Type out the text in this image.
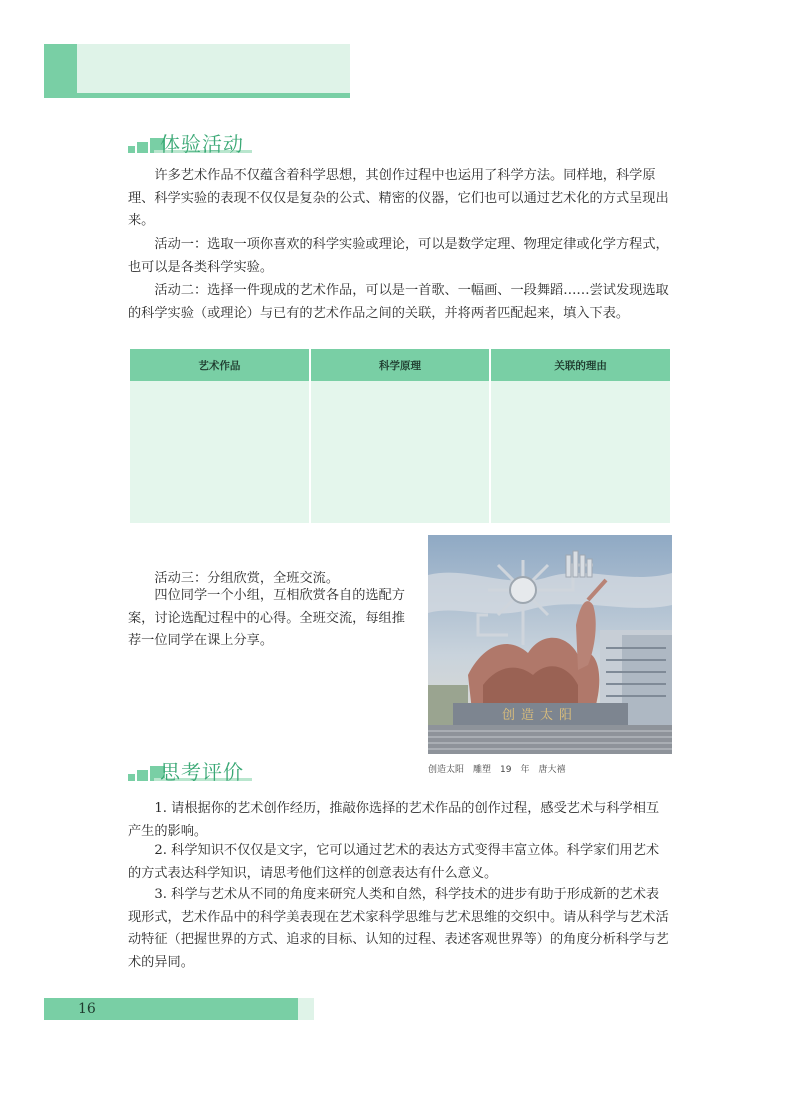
体验活动

许多艺术作品不仅蕴含着科学思想，其创作过程中也运用了科学方法。同样地，科学原理、科学实验的表现不仅仅是复杂的公式、精密的仪器，它们也可以通过艺术化的方式呈现出来。

活动一：选取一项你喜欢的科学实验或理论，可以是数学定理、物理定律或化学方程式，也可以是各类科学实验。

活动二：选择一件现成的艺术作品，可以是一首歌、一幅画、一段舞蹈……尝试发现选取的科学实验（或理论）与已有的艺术作品之间的关联，并将两者匹配起来，填入下表。

艺术作品	科学原理	关联的理由

活动三：分组欣赏，全班交流。

四位同学一个小组，互相欣赏各自的选配方案，讨论选配过程中的心得。全班交流，每组推荐一位同学在课上分享。

创造太阳
创造太阳　雕塑　19　年　唐大禧
思考评价

1. 请根据你的艺术创作经历，推敲你选择的艺术作品的创作过程，感受艺术与科学相互产生的影响。

2. 科学知识不仅仅是文字，它可以通过艺术的表达方式变得丰富立体。科学家们用艺术的方式表达科学知识，请思考他们这样的创意表达有什么意义。

3. 科学与艺术从不同的角度来研究人类和自然，科学技术的进步有助于形成新的艺术表现形式，艺术作品中的科学美表现在艺术家科学思维与艺术思维的交织中。请从科学与艺术活动特征（把握世界的方式、追求的目标、认知的过程、表述客观世界等）的角度分析科学与艺术的异同。

16
